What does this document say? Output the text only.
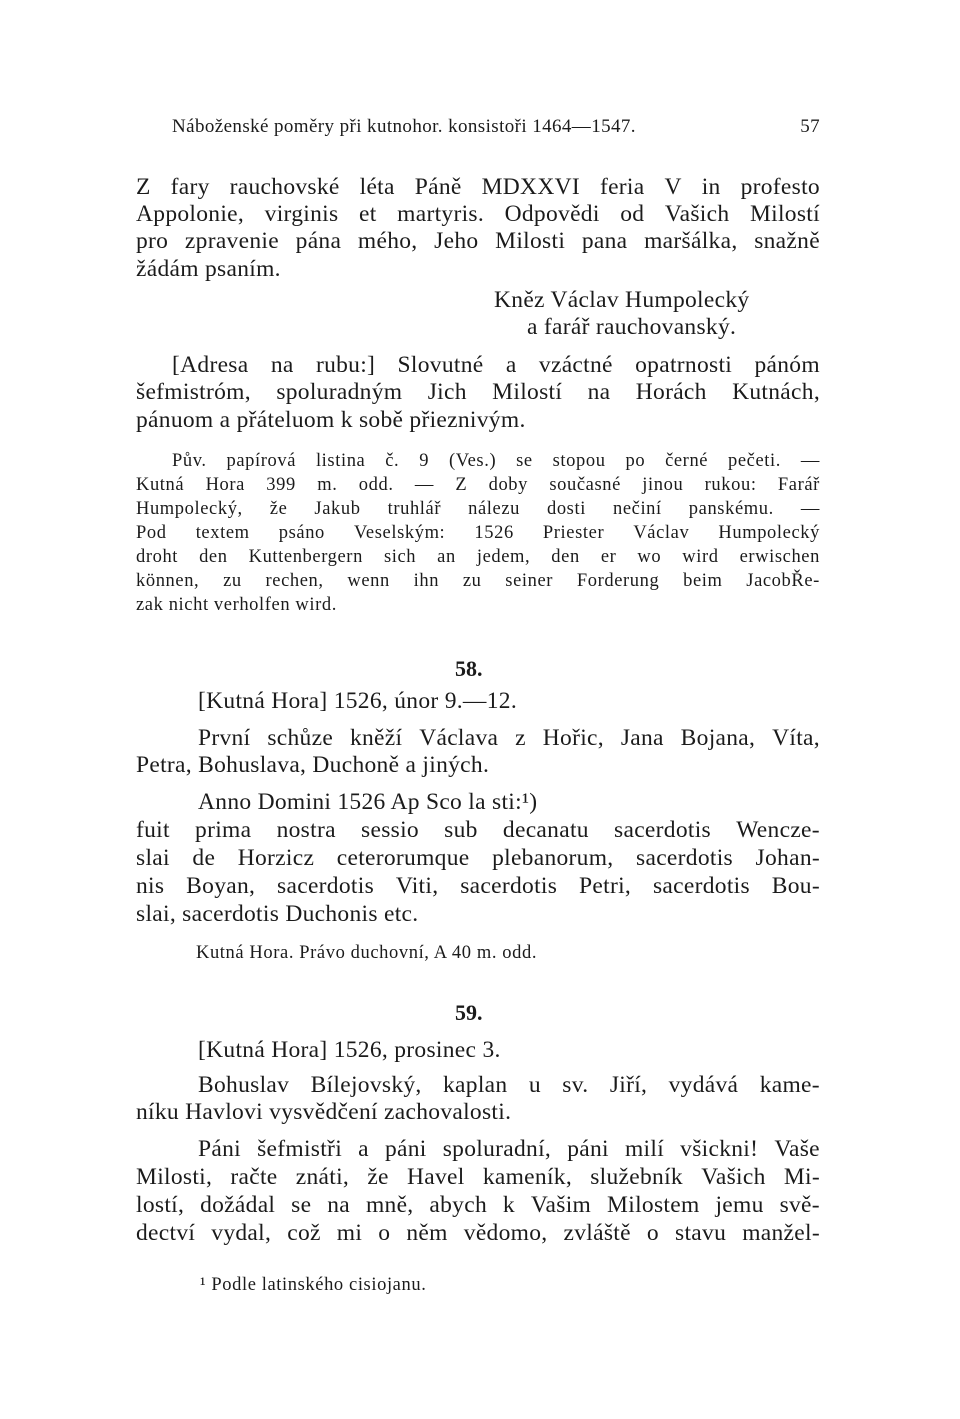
Náboženské poměry při kutnohor. konsistoři 1464—1547.	57
Z fary rauchovské léta Páně MDXXVI feria V in profesto
Appolonie, virginis et martyris. Odpovědi od Vašich Milostí
pro zpravenie pána mého, Jeho Milosti pana maršálka, snažně
žádám psaním.
Kněz Václav Humpolecký
a farář rauchovanský.
[Adresa na rubu:] Slovutné a vzáctné opatrnosti pánóm
šefmistróm, spoluradným Jich Milostí na Horách Kutnách,
pánuom a přáteluom k sobě přieznivým.
Pův. papírová listina č. 9 (Ves.) se stopou po černé pečeti. —
Kutná Hora 399 m. odd. — Z doby současné jinou rukou: Farář
Humpolecký, že Jakub truhlář nálezu dosti nečiní panskému. —
Pod textem psáno Veselským: 1526 Priester Václav Humpolecký
droht den Kuttenbergern sich an jedem, den er wo wird erwischen
können, zu rechen, wenn ihn zu seiner Forderung beim JacobŘe-
zak nicht verholfen wird.
58.
[Kutná Hora] 1526, únor 9.—12.
První schůze kněží Václava z Hořic, Jana Bojana, Víta,
Petra, Bohuslava, Duchoně a jiných.
Anno Domini 1526 Ap Sco la sti:¹)
fuit prima nostra sessio sub decanatu sacerdotis Wencze-
slai de Horzicz ceterorumque plebanorum, sacerdotis Johan-
nis Boyan, sacerdotis Viti, sacerdotis Petri, sacerdotis Bou-
slai, sacerdotis Duchonis etc.
Kutná Hora. Právo duchovní, A 40 m. odd.
59.
[Kutná Hora] 1526, prosinec 3.
Bohuslav Bílejovský, kaplan u sv. Jiří, vydává kame-
níku Havlovi vysvědčení zachovalosti.
Páni šefmistři a páni spoluradní, páni milí všickni! Vaše
Milosti, račte znáti, že Havel kameník, služebník Vašich Mi-
lostí, dožádal se na mně, abych k Vašim Milostem jemu svě-
dectví vydal, což mi o něm vědomo, zvláště o stavu manžel-
¹ Podle latinského cisiojanu.
